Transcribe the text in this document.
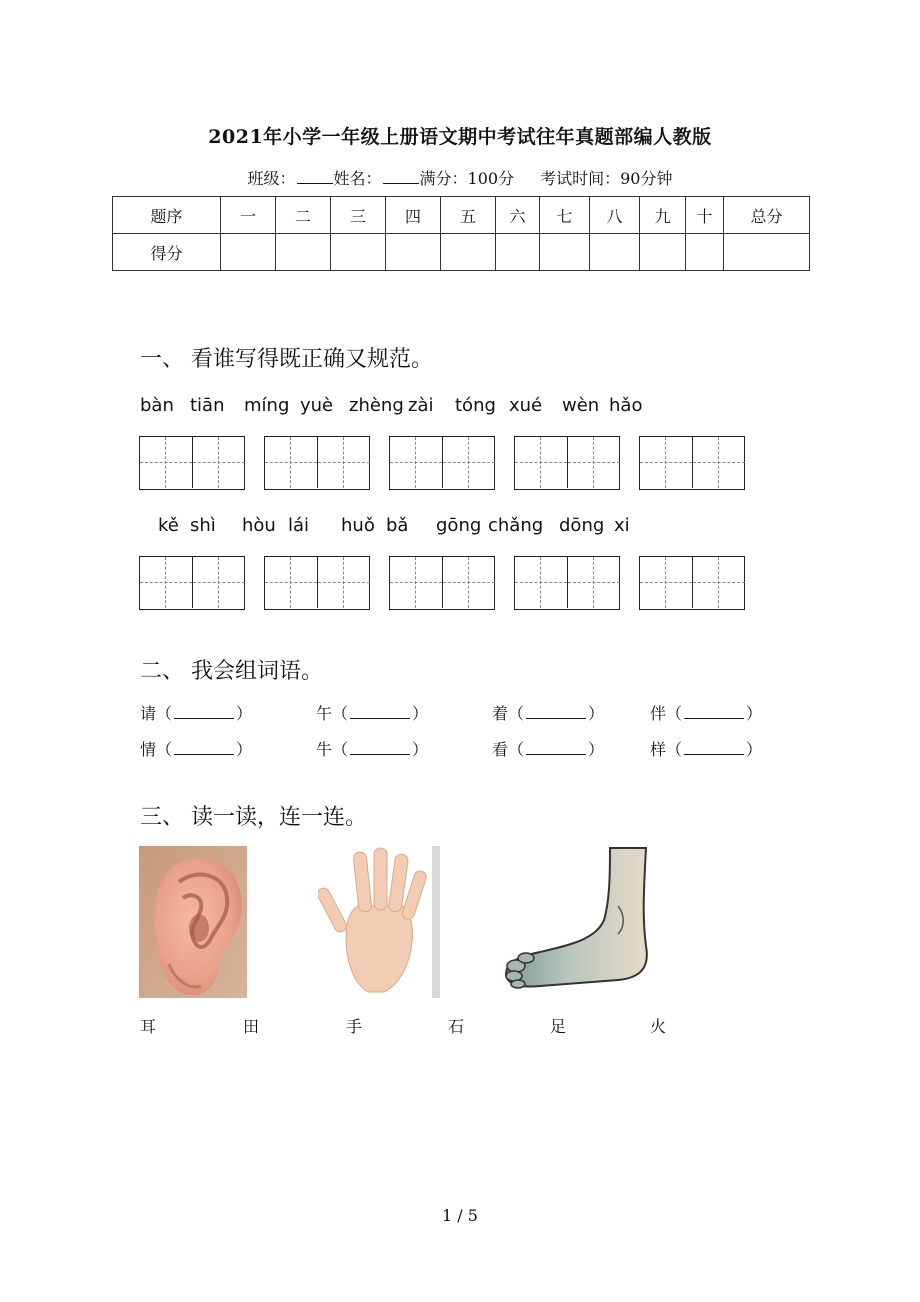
2021年小学一年级上册语文期中考试往年真题部编人教版
班级： 姓名： 满分：100分 考试时间：90分钟
题序	一	二	三	四	五	六	七	八	九	十	总分
得分											
一、 看谁写得既正确又规范。
bàn tiān míng yuè zhèng zài tóng xué wèn hǎo
kě shì hòu lái huǒ bǎ gōng chǎng dōng xi
二、 我会组词语。
请（	）	午（	）	着（	）	伴（	）
情（	）	牛（	）	看（	）	样（	）
三、 读一读，连一连。
耳	田	手	石	足	火
1 / 5
